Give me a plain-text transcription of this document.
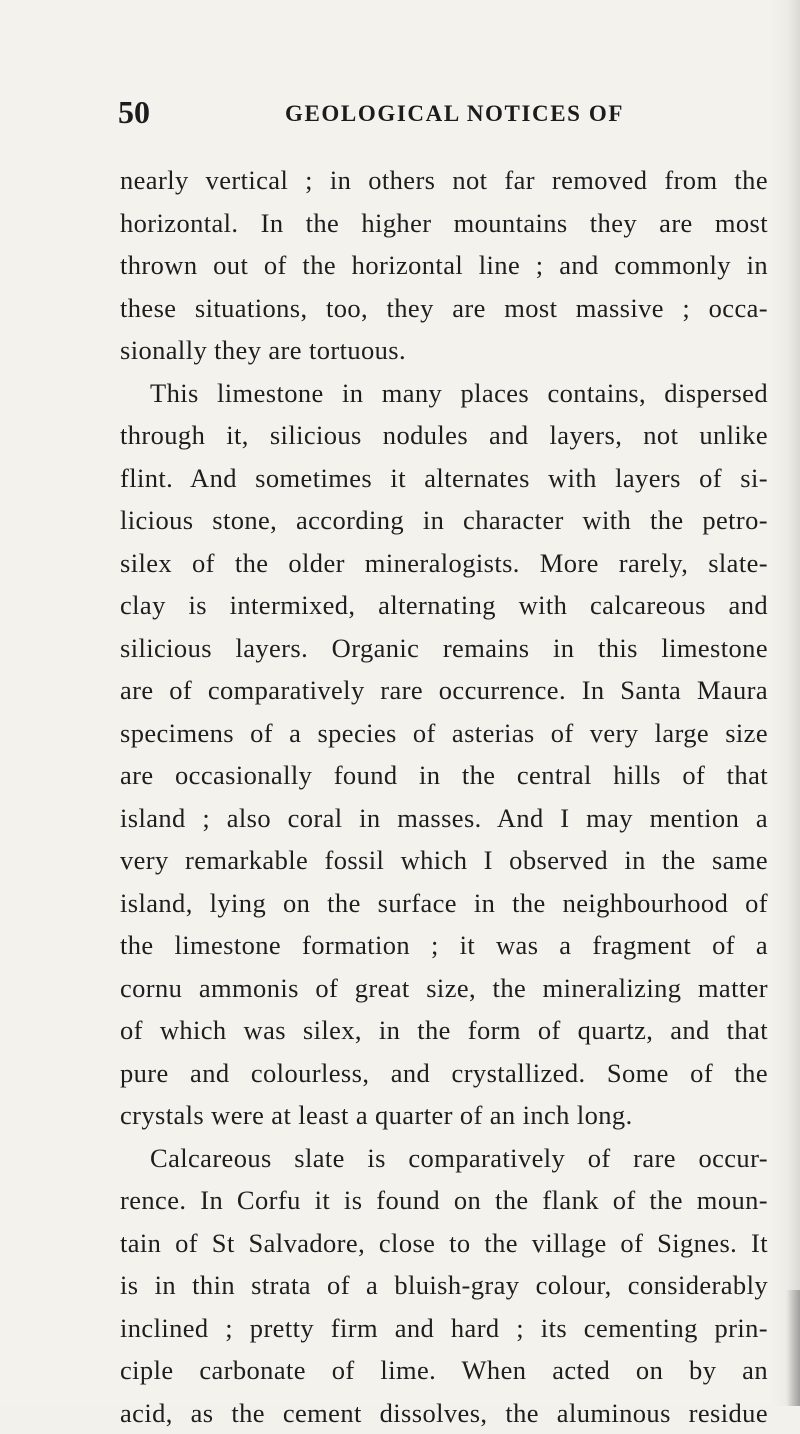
50	GEOLOGICAL NOTICES OF
nearly vertical ; in others not far removed from the
horizontal. In the higher mountains they are most
thrown out of the horizontal line ; and commonly in
these situations, too, they are most massive ; occa-
sionally they are tortuous.
This limestone in many places contains, dispersed
through it, silicious nodules and layers, not unlike
flint. And sometimes it alternates with layers of si-
licious stone, according in character with the petro-
silex of the older mineralogists. More rarely, slate-
clay is intermixed, alternating with calcareous and
silicious layers. Organic remains in this limestone
are of comparatively rare occurrence. In Santa Maura
specimens of a species of asterias of very large size
are occasionally found in the central hills of that
island ; also coral in masses. And I may mention a
very remarkable fossil which I observed in the same
island, lying on the surface in the neighbourhood of
the limestone formation ; it was a fragment of a
cornu ammonis of great size, the mineralizing matter
of which was silex, in the form of quartz, and that
pure and colourless, and crystallized. Some of the
crystals were at least a quarter of an inch long.
Calcareous slate is comparatively of rare occur-
rence. In Corfu it is found on the flank of the moun-
tain of St Salvadore, close to the village of Signes. It
is in thin strata of a bluish-gray colour, considerably
inclined ; pretty firm and hard ; its cementing prin-
ciple carbonate of lime. When acted on by an
acid, as the cement dissolves, the aluminous residue
